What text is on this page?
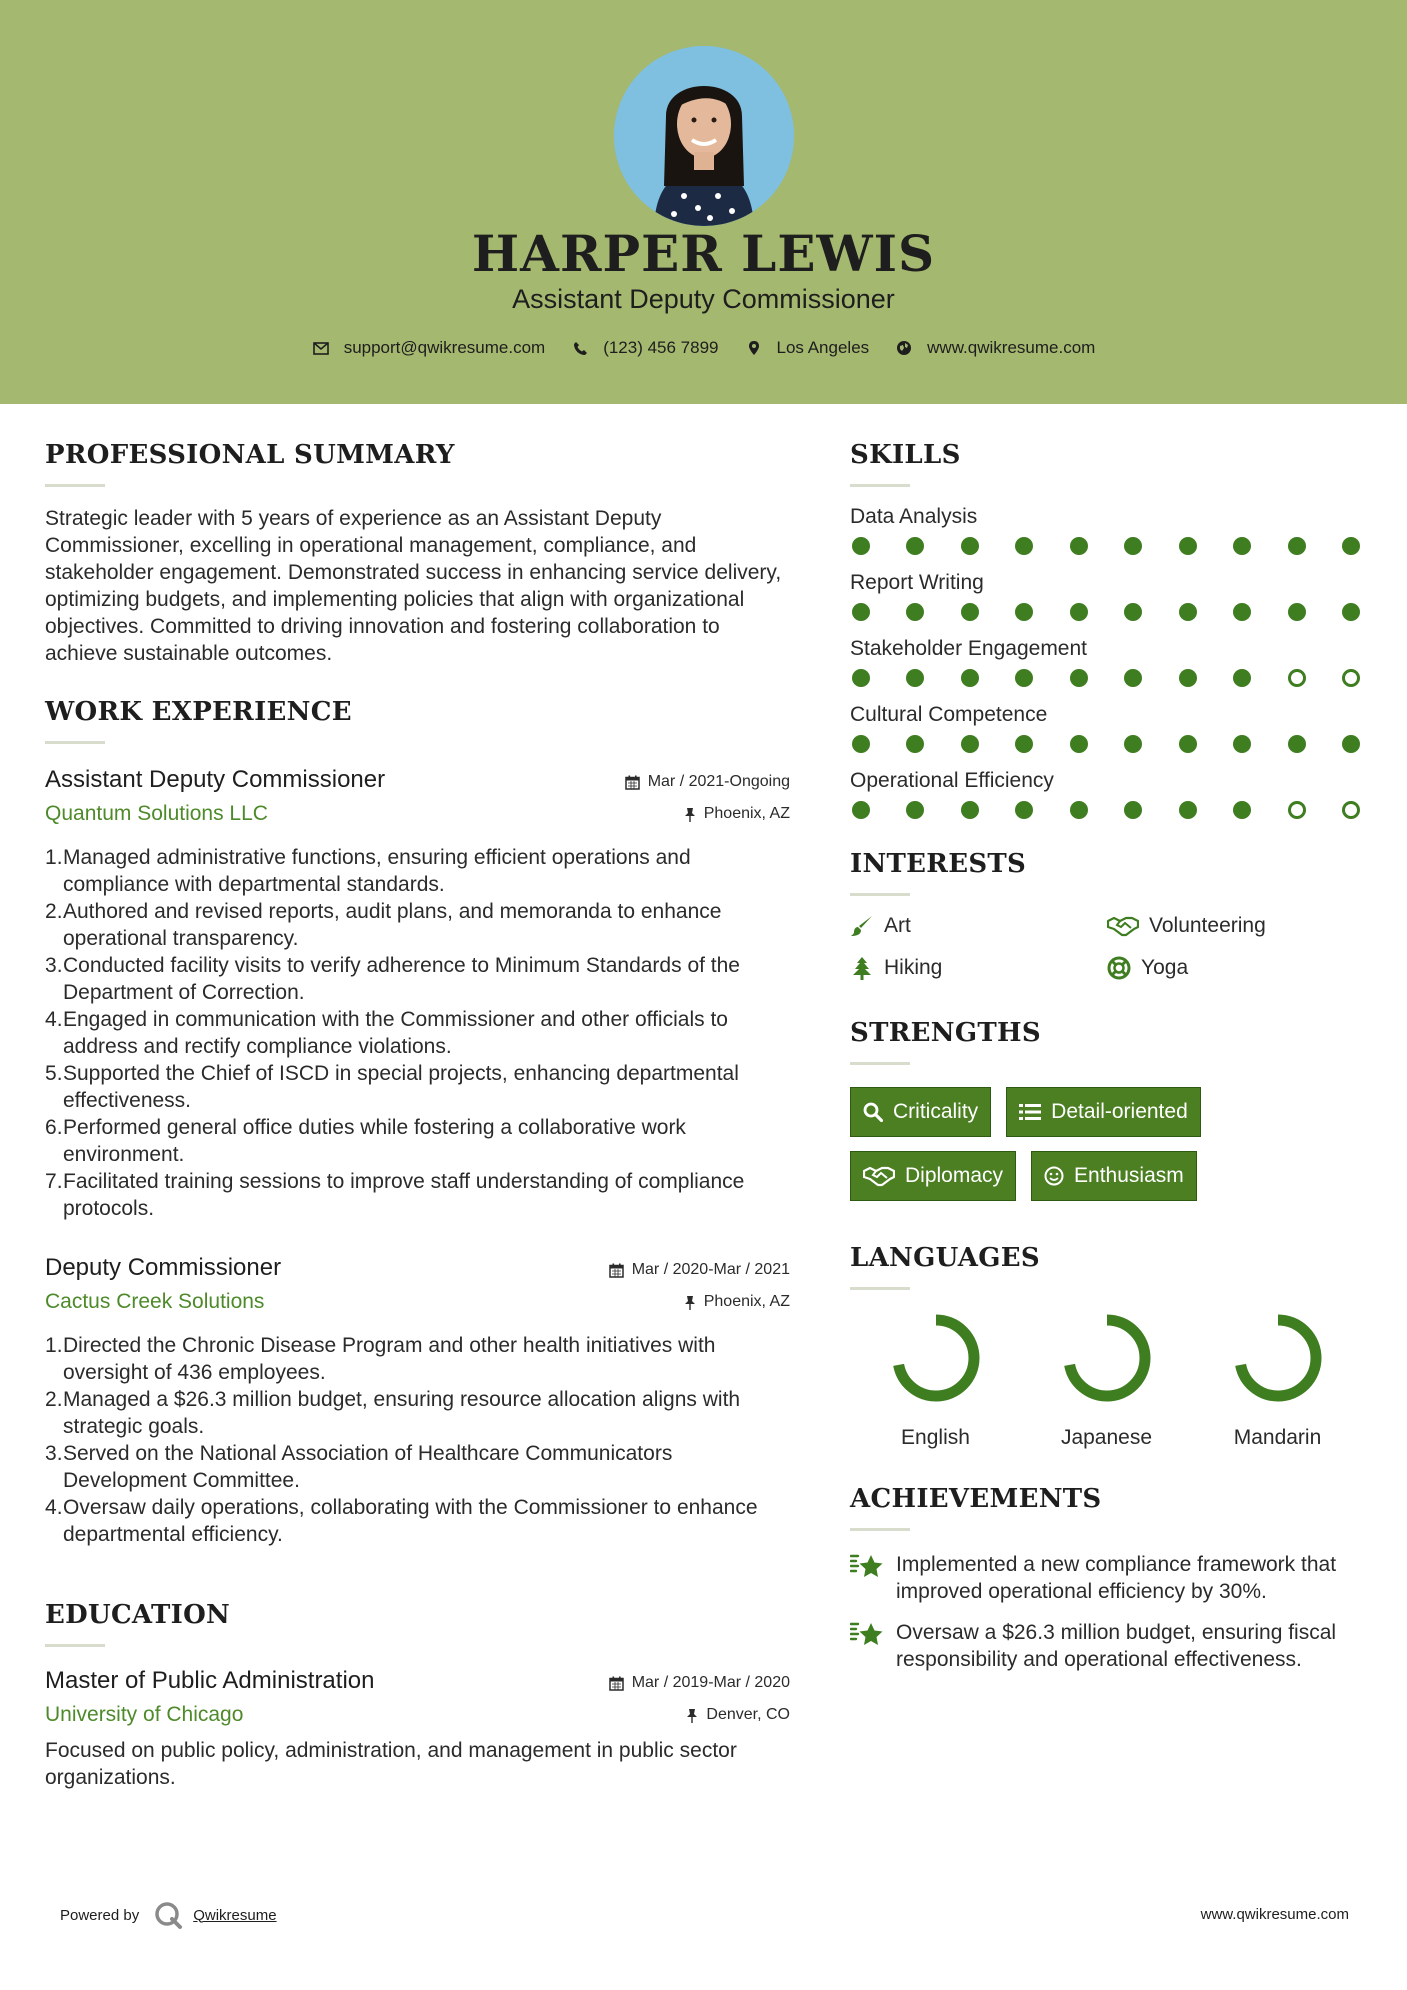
HARPER LEWIS
Assistant Deputy Commissioner
support@qwikresume.com	(123) 456 7899	Los Angeles	www.qwikresume.com
PROFESSIONAL SUMMARY
Strategic leader with 5 years of experience as an Assistant Deputy Commissioner, excelling in operational management, compliance, and stakeholder engagement. Demonstrated success in enhancing service delivery, optimizing budgets, and implementing policies that align with organizational objectives. Committed to driving innovation and fostering collaboration to achieve sustainable outcomes.
WORK EXPERIENCE
Assistant Deputy Commissioner
Quantum Solutions LLC
Mar / 2021-Ongoing
Phoenix, AZ
Managed administrative functions, ensuring efficient operations and compliance with departmental standards.
Authored and revised reports, audit plans, and memoranda to enhance operational transparency.
Conducted facility visits to verify adherence to Minimum Standards of the Department of Correction.
Engaged in communication with the Commissioner and other officials to address and rectify compliance violations.
Supported the Chief of ISCD in special projects, enhancing departmental effectiveness.
Performed general office duties while fostering a collaborative work environment.
Facilitated training sessions to improve staff understanding of compliance protocols.
Deputy Commissioner
Cactus Creek Solutions
Mar / 2020-Mar / 2021
Phoenix, AZ
Directed the Chronic Disease Program and other health initiatives with oversight of 436 employees.
Managed a $26.3 million budget, ensuring resource allocation aligns with strategic goals.
Served on the National Association of Healthcare Communicators Development Committee.
Oversaw daily operations, collaborating with the Commissioner to enhance departmental efficiency.
EDUCATION
Master of Public Administration
University of Chicago
Mar / 2019-Mar / 2020
Denver, CO
Focused on public policy, administration, and management in public sector organizations.
SKILLS
Data Analysis
Report Writing
Stakeholder Engagement
Cultural Competence
Operational Efficiency
INTERESTS
Art	Volunteering
Hiking	Yoga
STRENGTHS
Criticality	Detail-oriented
Diplomacy	Enthusiasm
LANGUAGES
English	Japanese	Mandarin
ACHIEVEMENTS
Implemented a new compliance framework that improved operational efficiency by 30%.
Oversaw a $26.3 million budget, ensuring fiscal responsibility and operational effectiveness.
Powered by	Qwikresume	www.qwikresume.com
